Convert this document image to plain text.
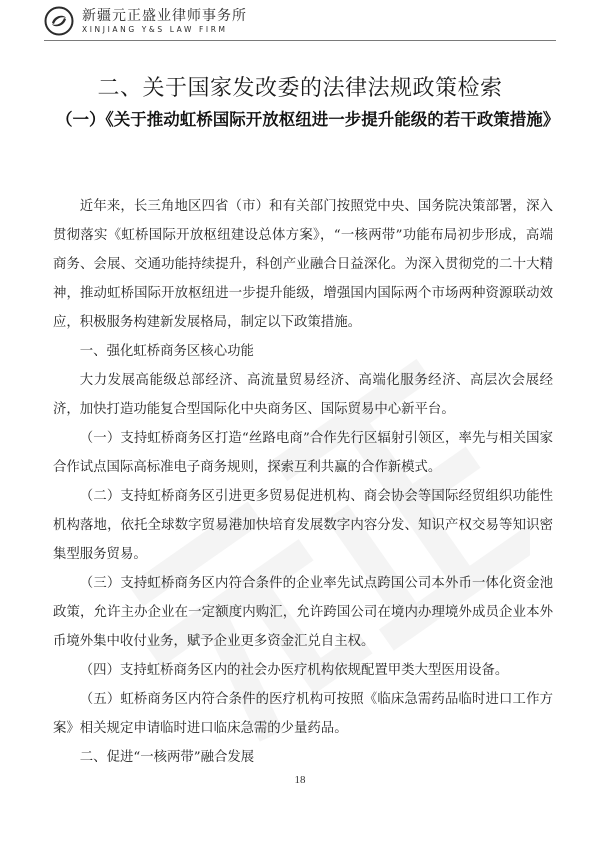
新疆元正盛业律师事务所
XINJIANG Y&S LAW FIRM
二、关于国家发改委的法律法规政策检索
（一）《关于推动虹桥国际开放枢纽进一步提升能级的若干政策措施》

近年来，长三角地区四省（市）和有关部门按照党中央、国务院决策部署，深入贯彻落实《虹桥国际开放枢纽建设总体方案》，“一核两带”功能布局初步形成，高端商务、会展、交通功能持续提升，科创产业融合日益深化。为深入贯彻党的二十大精神，推动虹桥国际开放枢纽进一步提升能级，增强国内国际两个市场两种资源联动效应，积极服务构建新发展格局，制定以下政策措施。

一、强化虹桥商务区核心功能

大力发展高能级总部经济、高流量贸易经济、高端化服务经济、高层次会展经济，加快打造功能复合型国际化中央商务区、国际贸易中心新平台。

（一）支持虹桥商务区打造“丝路电商”合作先行区辐射引领区，率先与相关国家合作试点国际高标准电子商务规则，探索互利共赢的合作新模式。

（二）支持虹桥商务区引进更多贸易促进机构、商会协会等国际经贸组织功能性机构落地，依托全球数字贸易港加快培育发展数字内容分发、知识产权交易等知识密集型服务贸易。

（三）支持虹桥商务区内符合条件的企业率先试点跨国公司本外币一体化资金池政策，允许主办企业在一定额度内购汇，允许跨国公司在境内办理境外成员企业本外币境外集中收付业务，赋予企业更多资金汇兑自主权。

（四）支持虹桥商务区内的社会办医疗机构依规配置甲类大型医用设备。

（五）虹桥商务区内符合条件的医疗机构可按照《临床急需药品临时进口工作方案》相关规定申请临时进口临床急需的少量药品。

二、促进“一核两带”融合发展

18
